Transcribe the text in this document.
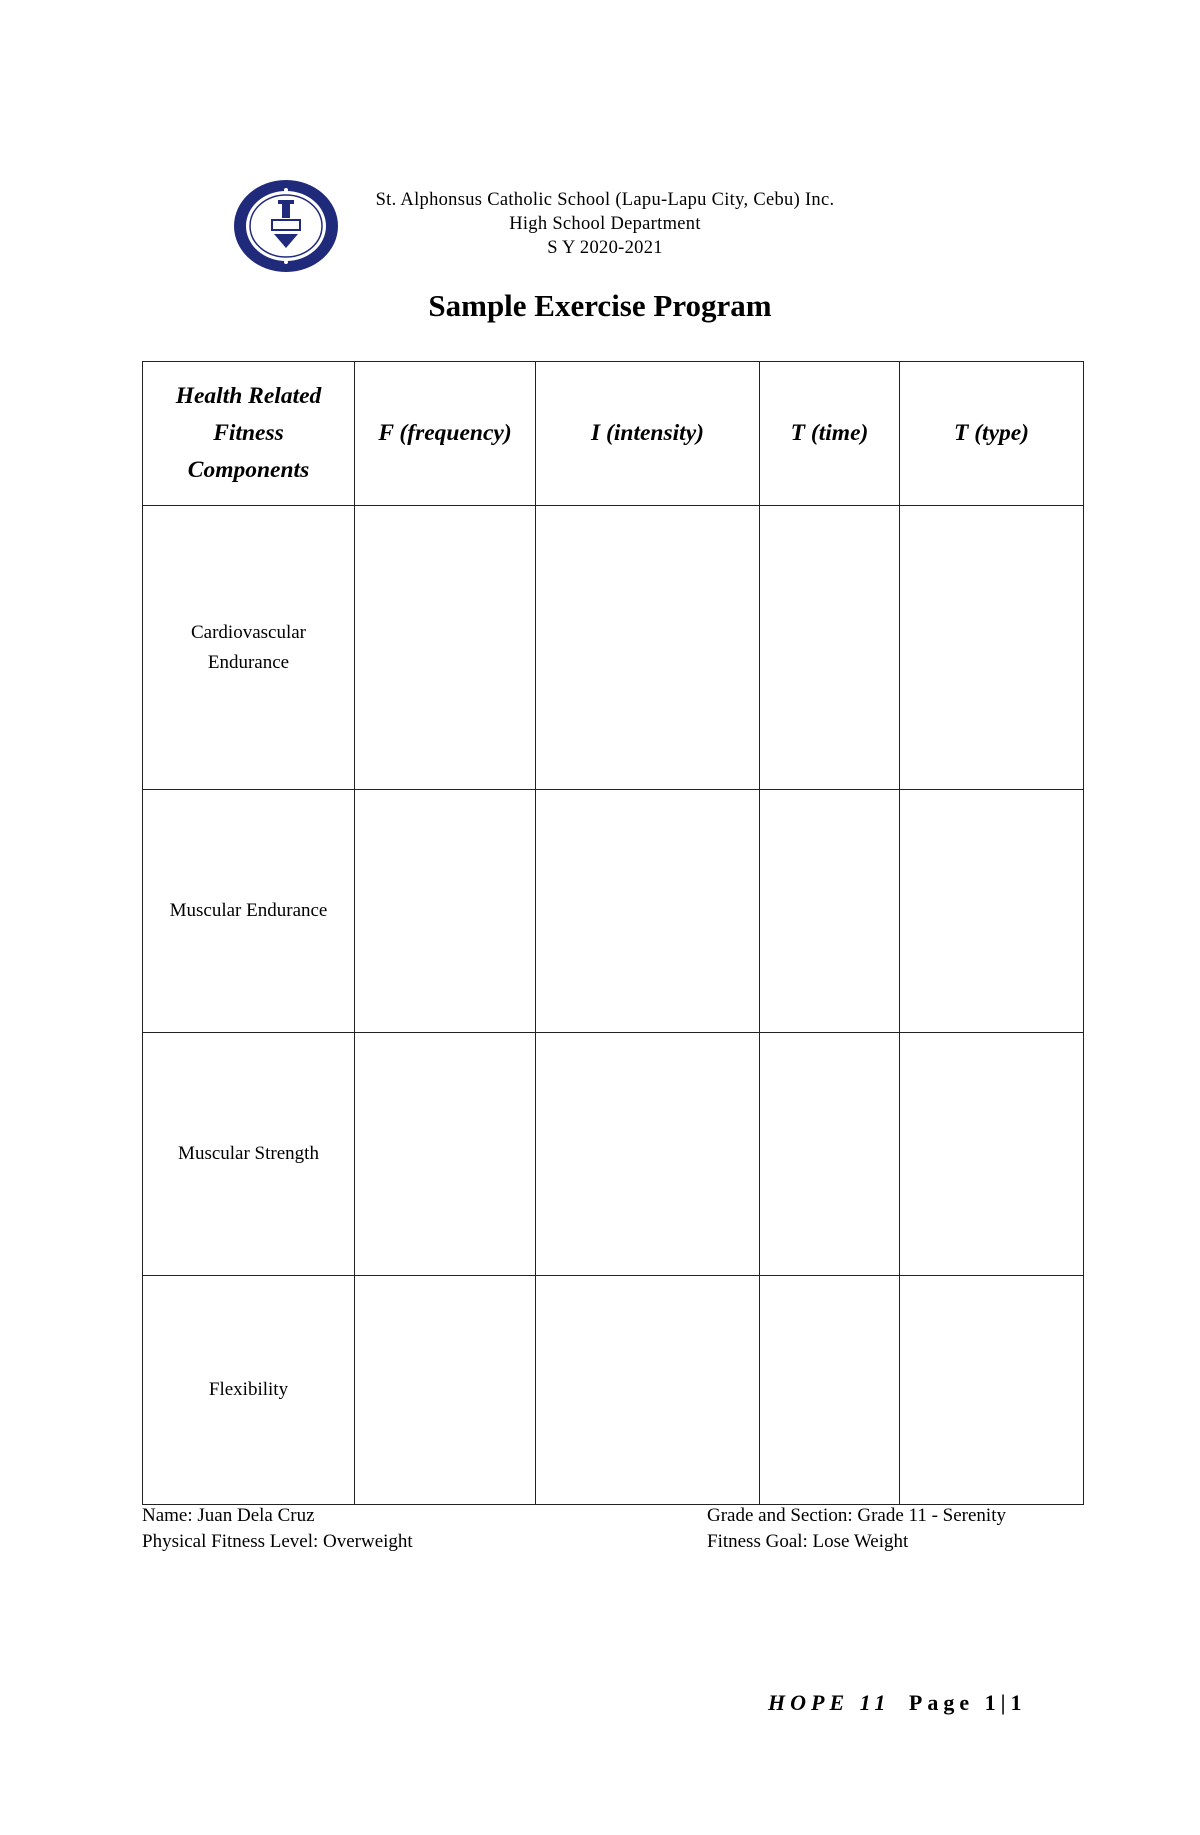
St. Alphonsus Catholic School (Lapu-Lapu City, Cebu) Inc.
High School Department
S Y 2020-2021
Sample Exercise Program
Health Related Fitness Components	F (frequency)	I (intensity)	T (time)	T (type)
Cardiovascular Endurance				
Muscular Endurance				
Muscular Strength				
Flexibility				
Name: Juan Dela Cruz
Physical Fitness Level: Overweight
Grade and Section: Grade 11 - Serenity
Fitness Goal: Lose Weight
HOPE 11 Page 1|1
